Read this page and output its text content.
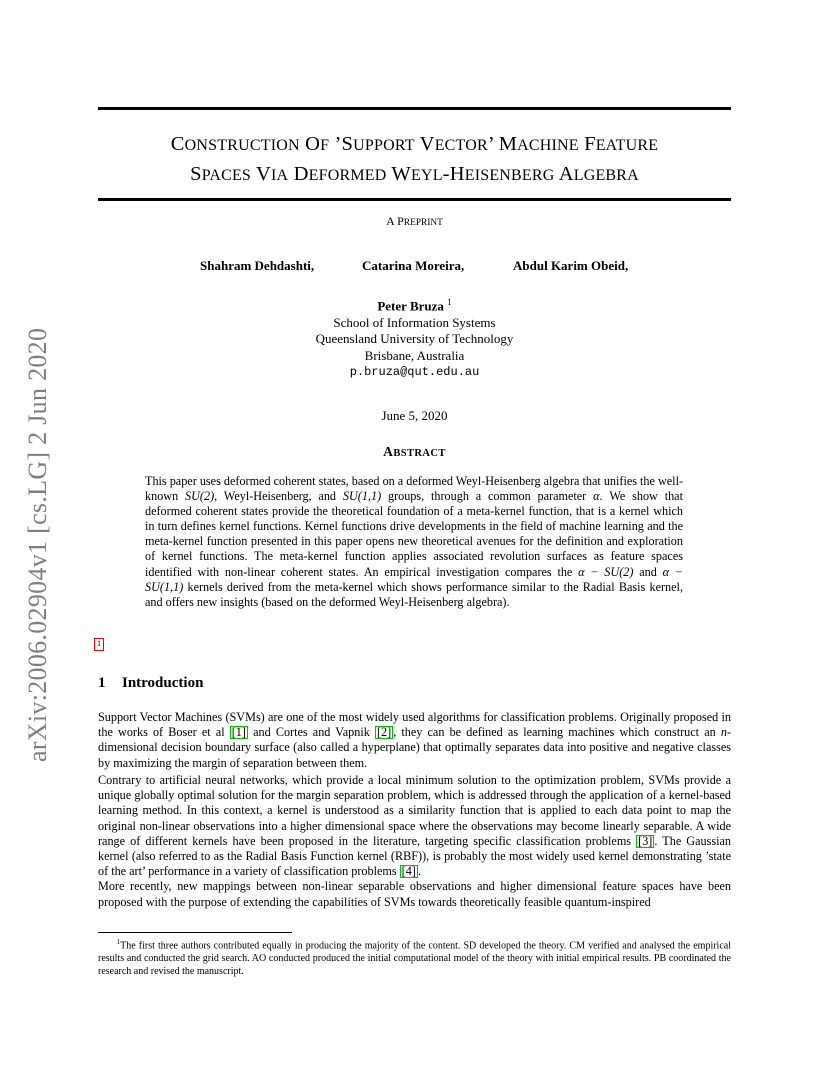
arXiv:2006.02904v1 [cs.LG] 2 Jun 2020
CONSTRUCTION OF ’SUPPORT VECTOR’ MACHINE FEATURE
SPACES VIA DEFORMED WEYL-HEISENBERG ALGEBRA
A PREPRINT
Shahram Dehdashti,	Catarina Moreira,	Abdul Karim Obeid,
Peter Bruza $^1$
School of Information Systems
Queensland University of Technology
Brisbane, Australia
p.bruza@qut.edu.au
June 5, 2020
ABSTRACT
This paper uses deformed coherent states, based on a deformed Weyl-Heisenberg algebra that unifies the well-known SU(2), Weyl-Heisenberg, and SU(1,1) groups, through a common parameter α. We show that deformed coherent states provide the theoretical foundation of a meta-kernel function, that is a kernel which in turn defines kernel functions. Kernel functions drive developments in the field of machine learning and the meta-kernel function presented in this paper opens new theoretical avenues for the definition and exploration of kernel functions. The meta-kernel function applies associated revolution surfaces as feature spaces identified with non-linear coherent states. An empirical investigation compares the α − SU(2) and α − SU(1,1) kernels derived from the meta-kernel which shows performance similar to the Radial Basis kernel, and offers new insights (based on the deformed Weyl-Heisenberg algebra).
1
1 Introduction
Support Vector Machines (SVMs) are one of the most widely used algorithms for classification problems. Originally proposed in the works of Boser et al [1] and Cortes and Vapnik [2] , they can be defined as learning machines which construct an n-dimensional decision boundary surface (also called a hyperplane) that optimally separates data into positive and negative classes by maximizing the margin of separation between them.
Contrary to artificial neural networks, which provide a local minimum solution to the optimization problem, SVMs provide a unique globally optimal solution for the margin separation problem, which is addressed through the application of a kernel-based learning method. In this context, a kernel is understood as a similarity function that is applied to each data point to map the original non-linear observations into a higher dimensional space where the observations may become linearly separable. A wide range of different kernels have been proposed in the literature, targeting specific classification problems [3] . The Gaussian kernel (also referred to as the Radial Basis Function kernel (RBF)), is probably the most widely used kernel demonstrating ’state of the art’ performance in a variety of classification problems [4] .
More recently, new mappings between non-linear separable observations and higher dimensional feature spaces have been proposed with the purpose of extending the capabilities of SVMs towards theoretically feasible quantum-inspired
$^1$The first three authors contributed equally in producing the majority of the content. SD developed the theory. CM verified and analysed the empirical results and conducted the grid search. AO conducted produced the initial computational model of the theory with initial empirical results. PB coordinated the research and revised the manuscript.
